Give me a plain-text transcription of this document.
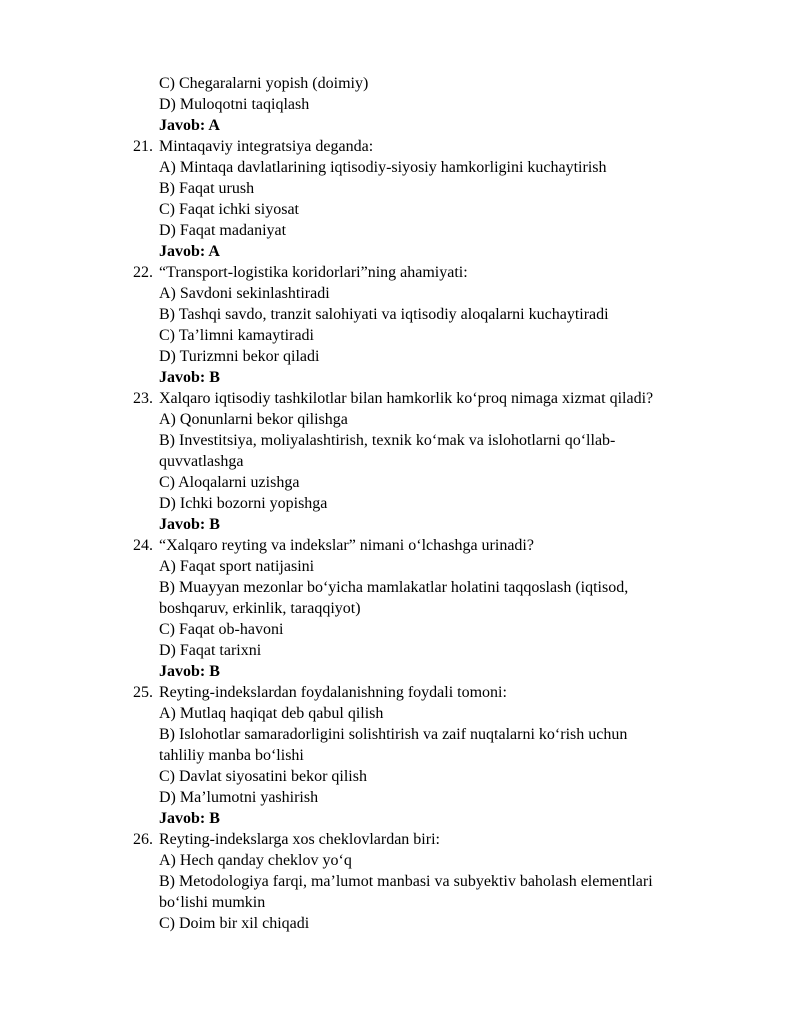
C) Chegaralarni yopish (doimiy)
D) Muloqotni taqiqlash
Javob: A
21. Mintaqaviy integratsiya deganda:
A) Mintaqa davlatlarining iqtisodiy-siyosiy hamkorligini kuchaytirish
B) Faqat urush
C) Faqat ichki siyosat
D) Faqat madaniyat
Javob: A
22. “Transport-logistika koridorlari”ning ahamiyati:
A) Savdoni sekinlashtiradi
B) Tashqi savdo, tranzit salohiyati va iqtisodiy aloqalarni kuchaytiradi
C) Ta’limni kamaytiradi
D) Turizmni bekor qiladi
Javob: B
23. Xalqaro iqtisodiy tashkilotlar bilan hamkorlik ko‘proq nimaga xizmat qiladi?
A) Qonunlarni bekor qilishga
B) Investitsiya, moliyalashtirish, texnik ko‘mak va islohotlarni qo‘llab-
quvvatlashga
C) Aloqalarni uzishga
D) Ichki bozorni yopishga
Javob: B
24. “Xalqaro reyting va indekslar” nimani o‘lchashga urinadi?
A) Faqat sport natijasini
B) Muayyan mezonlar bo‘yicha mamlakatlar holatini taqqoslash (iqtisod,
boshqaruv, erkinlik, taraqqiyot)
C) Faqat ob-havoni
D) Faqat tarixni
Javob: B
25. Reyting-indekslardan foydalanishning foydali tomoni:
A) Mutlaq haqiqat deb qabul qilish
B) Islohotlar samaradorligini solishtirish va zaif nuqtalarni ko‘rish uchun
tahliliy manba bo‘lishi
C) Davlat siyosatini bekor qilish
D) Ma’lumotni yashirish
Javob: B
26. Reyting-indekslarga xos cheklovlardan biri:
A) Hech qanday cheklov yo‘q
B) Metodologiya farqi, ma’lumot manbasi va subyektiv baholash elementlari
bo‘lishi mumkin
C) Doim bir xil chiqadi
